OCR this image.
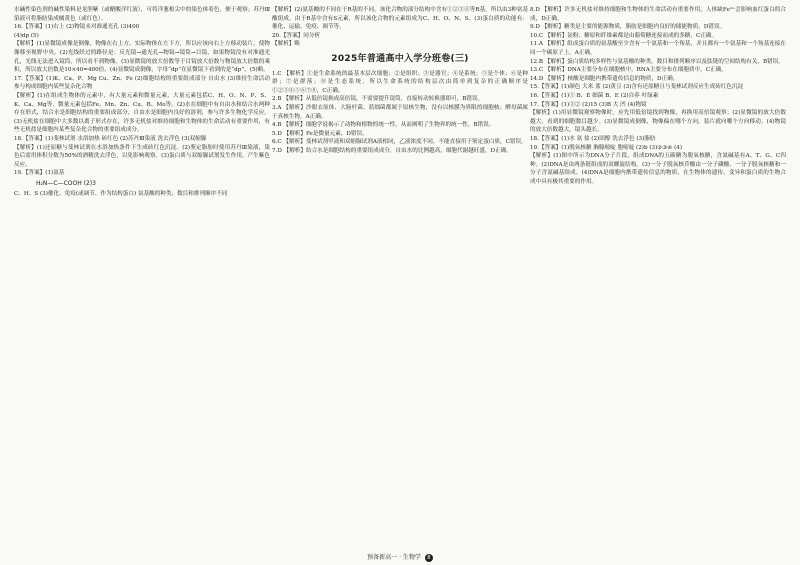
水碱性染色剂的碱性染料是龙胆紫（或醋酸洋红液），可将洋葱根尖中的染色体着色，便于观察；苏丹Ⅲ染液可将脂肪染成橘黄色（或红色）。

16.【答案】(1)右上 (2)物镜未对准通光孔 (3)400

(4)dp (5)

【解析】(1)显微镜成像是倒像，物像在右上方，实际物体在左下方，所以应该向右上方移动装片，使物像移至视野中央。(2)光线经过的路径是：反光镜→通光孔→物镜→镜筒→目镜，如果物镜没有对准通光孔，光线无法进入镜筒，所以看不到物像。(3)显微镜的放大倍数等于目镜放大倍数与物镜放大倍数的乘积，所以放大倍数是10×40=400倍。(4)显微镜成倒像，字母“dp”在显微镜下看到的是“dp”。(5)略。

17.【答案】(1)K、Ca、P、Mg Cu、Zn、Fe (2)细胞结构的重要组成部分 自由水 (3)维持生命活动 参与构成细胞内某些复杂化合物

【解析】(1)在组成生物体的元素中，有大量元素和微量元素，大量元素包括C、H、O、N、P、S、K、Ca、Mg等，微量元素包括Fe、Mn、Zn、Cu、B、Mo等。(2)水在细胞中有自由水和结合水两种存在形式，结合水是细胞结构的重要组成部分，自由水是细胞内良好的溶剂，参与许多生物化学反应。(3)无机盐在细胞中大多数以离子形式存在，许多无机盐对维持细胞和生物体的生命活动有重要作用，有些无机盐是细胞内某些复杂化合物的重要组成成分。

18.【答案】(1)斐林试剂 水浴加热 砖红色 (2)苏丹Ⅲ染液 洗去浮色 (3)双缩脲

【解析】(1)还原糖与斐林试剂在水浴加热条件下生成砖红色沉淀。(2)鉴定脂肪时使用苏丹Ⅲ染液，染色后需用体积分数为50%的酒精洗去浮色，以免影响观察。(3)蛋白质与双缩脲试剂发生作用，产生紫色反应。

19.【答案】(1)氨基

H₂N—C—COOH (2)3

C、H、S (3)催化、免疫(或调节、作为结构蛋白) 氨基酸的种类、数目和排列顺序不同

【解析】(2)氨基酸的不同在于R基的不同。该化合物的部分结构中含有①②③④等R基，所以由3种氨基酸组成，由于R基中含有S元素，所以该化合物的元素组成为C、H、O、N、S。(3)蛋白质的功能有：催化、运输、免疫、调节等。

20.【答案】同分析

【解析】略

2025年普通高中入学分班卷(三)

1.C 【解析】①是生命系统的最基本层次细胞；②是组织；③是器官；④是系统；⑤是个体；⑥是种群；⑦是群落；⑧是生态系统，所以生命系统的结构层次由简单到复杂的正确顺序是①②③④⑤⑥⑦⑧，C正确。

2.B 【解析】从低倍镜换成高倍镜，不需要提升镜筒，直接转动转换器即可，B错误。

3.A 【解析】沙眼衣原体、大肠杆菌、蓝细菌都属于原核生物，没有以核膜为界限的细胞核；酵母菌属于真核生物，A正确。

4.B 【解析】细胞学说揭示了动物和植物的统一性，从而阐明了生物界的统一性，B错误。

5.D 【解析】Fe是微量元素，D错误。

6.C 【解析】斐林试剂甲液和双缩脲试剂A液相同，乙液浓度不同，不能直接用于鉴定蛋白质，C错误。

7.D 【解析】结合水是细胞结构的重要组成成分，自由水的比例越高，细胞代谢越旺盛，D正确。

8.D 【解析】许多无机盐对维持细胞和生物体的生命活动有重要作用，人体缺Fe²⁺会影响血红蛋白的合成，D正确。

9.D 【解析】糖类是主要的能源物质，脂肪是细胞内良好的储能物质，D错误。

10.C 【解析】淀粉、糖原和纤维素都是由葡萄糖连接而成的多糖，C正确。

11.A 【解析】组成蛋白质的氨基酸至少含有一个氨基和一个羧基，并且都有一个氨基和一个羧基连接在同一个碳原子上，A正确。

12.B 【解析】蛋白质结构多样性与氨基酸的种类、数目和排列顺序以及肽链的空间结构有关，B错误。

13.C 【解析】DNA主要分布在细胞核中，RNA主要分布在细胞质中，C正确。

14.D 【解析】核酸是细胞内携带遗传信息的物质，D正确。

15.【答案】(1)颜色 大米 蓝 (2)黄豆 (3)含有还原糖且与斐林试剂反应生成砖红色沉淀

16.【答案】(1)① B、E 细菌 B、E (2)自养 叶绿素

17.【答案】(1)③② (2)15 (3)B 大 凹 (4)物镜

【解析】(1)用显微镜观察物像时，应先用低倍镜找到物像，再换用高倍镜观察；(2)显微镜的放大倍数越大，看到的细胞数目越少。(3)显微镜成倒像，物像偏在哪个方向，装片就向哪个方向移动。(4)物镜的放大倍数越大，镜头越长。

18.【答案】(1)水 氨 盐 (2)固醇 洗去浮色 (3)脂肪

19.【答案】(1)脱氧核糖 胸腺嘧啶 胞嘧啶 (2)b (3)②③④ (4)

【解析】(1)图中所示为DNA分子片段，组成DNA的五碳糖为脱氧核糖，含氮碱基有A、T、G、C四种。(2)DNA是由两条链组成的双螺旋结构。(3)一分子脱氧核苷酸由一分子磷酸、一分子脱氧核糖和一分子含氮碱基组成。(4)DNA是细胞内携带遗传信息的物质，在生物体的遗传、变异和蛋白质的生物合成中具有极其重要的作用。

预备新高一 · 生物学 8
